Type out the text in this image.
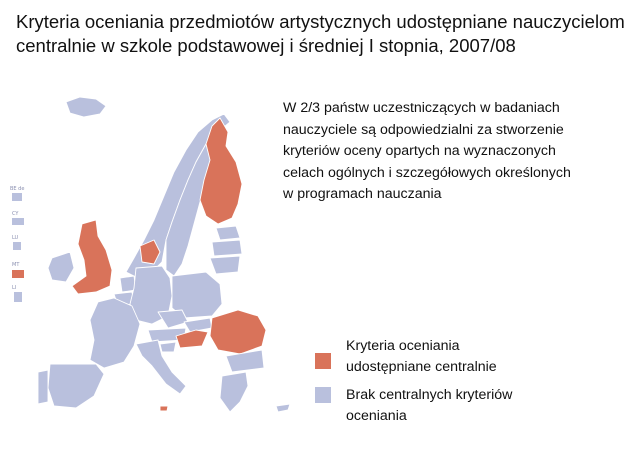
Kryteria oceniania przedmiotów artystycznych udostępniane nauczycielom
centralnie w szkole podstawowej i średniej I stopnia, 2007/08
W 2/3 państw uczestniczących w badaniach
nauczyciele są odpowiedzialni za stworzenie
kryteriów oceny opartych na wyznaczonych
celach ogólnych i szczegółowych określonych
w programach nauczania
BE de
CY
LU
MT
LI
Kryteria oceniania
udostępniane centralnie
Brak centralnych kryteriów
oceniania
